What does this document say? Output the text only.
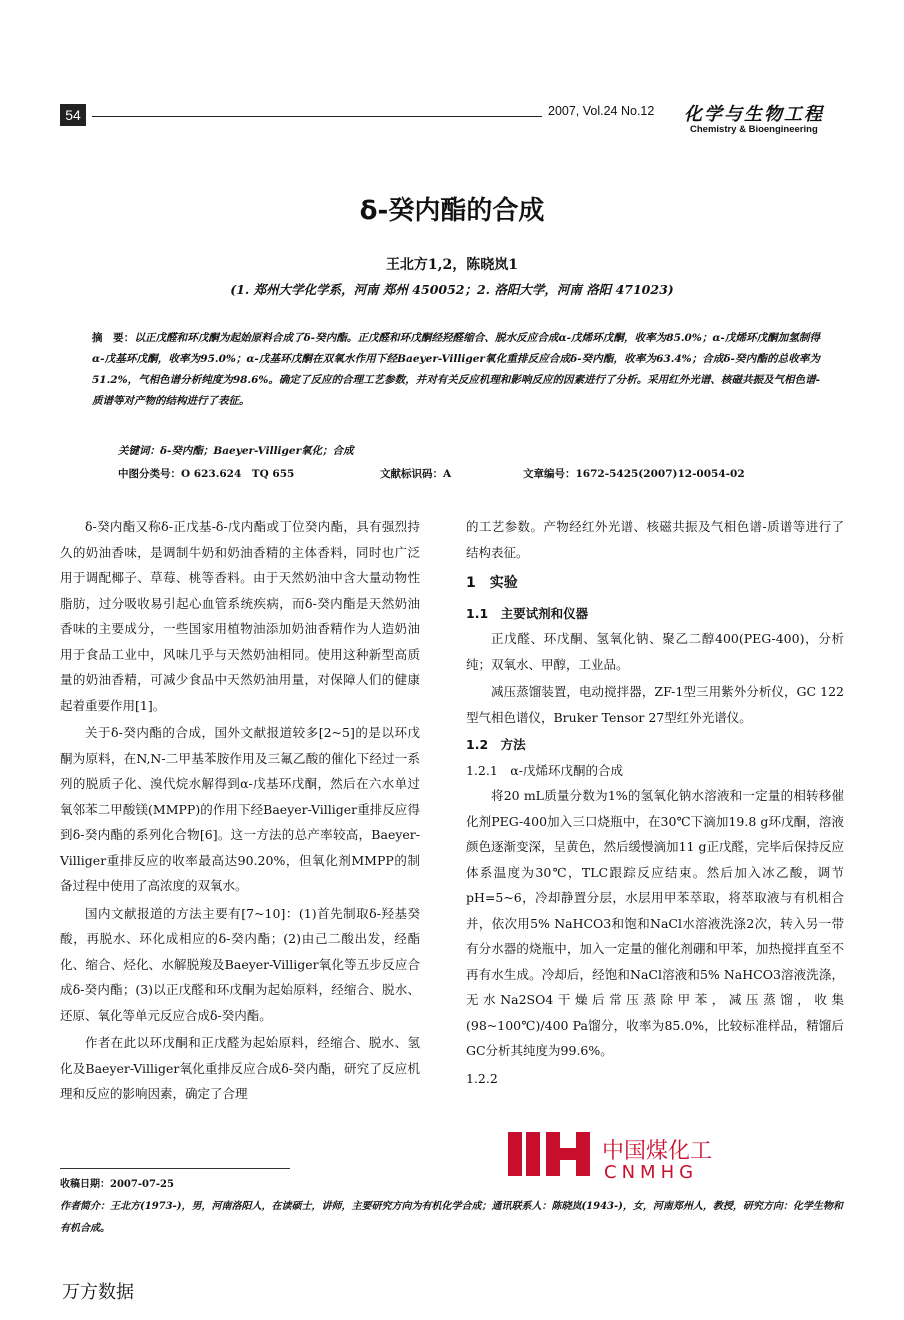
54	2007, Vol.24 No.12 化学与生物工程
Chemistry & Bioengineering
δ-癸内酯的合成
王北方1,2，陈晓岚1
(1. 郑州大学化学系，河南 郑州 450052；2. 洛阳大学，河南 洛阳 471023)
摘　要：以正戊醛和环戊酮为起始原料合成了δ-癸内酯。正戊醛和环戊酮经羟醛缩合、脱水反应合成α-戊烯环戊酮，收率为85.0%；α-戊烯环戊酮加氢制得α-戊基环戊酮，收率为95.0%；α-戊基环戊酮在双氧水作用下经Baeyer-Villiger氧化重排反应合成δ-癸内酯，收率为63.4%；合成δ-癸内酯的总收率为51.2%，气相色谱分析纯度为98.6%。确定了反应的合理工艺参数，并对有关反应机理和影响反应的因素进行了分析。采用红外光谱、核磁共振及气相色谱-质谱等对产物的结构进行了表征。
关键词：δ-癸内酯；Baeyer-Villiger氧化；合成
中图分类号：O 623.624　TQ 655	文献标识码：A	文章编号：1672-5425(2007)12-0054-02

δ-癸内酯又称δ-正戊基-δ-戊内酯或丁位癸内酯，具有强烈持久的奶油香味，是调制牛奶和奶油香精的主体香料，同时也广泛用于调配椰子、草莓、桃等香料。由于天然奶油中含大量动物性脂肪，过分吸收易引起心血管系统疾病，而δ-癸内酯是天然奶油香味的主要成分，一些国家用植物油添加奶油香精作为人造奶油用于食品工业中，风味几乎与天然奶油相同。使用这种新型高质量的奶油香精，可减少食品中天然奶油用量，对保障人们的健康起着重要作用[1]。

关于δ-癸内酯的合成，国外文献报道较多[2~5]的是以环戊酮为原料，在N,N-二甲基苯胺作用及三氟乙酸的催化下经过一系列的脱质子化、溴代烷水解得到α-戊基环戊酮，然后在六水单过氧邻苯二甲酸镁(MMPP)的作用下经Baeyer-Villiger重排反应得到δ-癸内酯的系列化合物[6]。这一方法的总产率较高，Baeyer-Villiger重排反应的收率最高达90.20%，但氧化剂MMPP的制备过程中使用了高浓度的双氧水。

国内文献报道的方法主要有[7~10]：(1)首先制取δ-羟基癸酸，再脱水、环化成相应的δ-癸内酯；(2)由己二酸出发，经酯化、缩合、烃化、水解脱羧及Baeyer-Villiger氧化等五步反应合成δ-癸内酯；(3)以正戊醛和环戊酮为起始原料，经缩合、脱水、还原、氧化等单元反应合成δ-癸内酯。

作者在此以环戊酮和正戊醛为起始原料，经缩合、脱水、氢化及Baeyer-Villiger氧化重排反应合成δ-癸内酯，研究了反应机理和反应的影响因素，确定了合理

的工艺参数。产物经红外光谱、核磁共振及气相色谱-质谱等进行了结构表征。

1　实验
1.1　主要试剂和仪器

正戊醛、环戊酮、氢氧化钠、聚乙二醇400(PEG-400)，分析纯；双氧水、甲醇，工业品。

减压蒸馏装置，电动搅拌器，ZF-1型三用紫外分析仪，GC 122型气相色谱仪，Bruker Tensor 27型红外光谱仪。

1.2　方法
1.2.1　α-戊烯环戊酮的合成

将20 mL质量分数为1%的氢氧化钠水溶液和一定量的相转移催化剂PEG-400加入三口烧瓶中，在30℃下滴加19.8 g环戊酮，溶液颜色逐渐变深，呈黄色，然后缓慢滴加11 g正戊醛，完毕后保持反应体系温度为30℃，TLC跟踪反应结束。然后加入冰乙酸，调节pH=5~6，冷却静置分层，水层用甲苯萃取，将萃取液与有机相合并，依次用5% NaHCO3和饱和NaCl水溶液洗涤2次，转入另一带有分水器的烧瓶中，加入一定量的催化剂硼和甲苯，加热搅拌直至不再有水生成。冷却后，经饱和NaCl溶液和5% NaHCO3溶液洗涤，无水Na2SO4干燥后常压蒸除甲苯，减压蒸馏，收集(98~100℃)/400 Pa馏分，收率为85.0%，比较标准样品，精馏后GC分析其纯度为99.6%。

1.2.2
中国煤化工
CNMHG
收稿日期：2007-07-25
作者简介：王北方(1973-)，男，河南洛阳人，在读硕士，讲师，主要研究方向为有机化学合成；通讯联系人：陈晓岚(1943-)，女，河南郑州人，教授，研究方向：化学生物和有机合成。
万方数据
